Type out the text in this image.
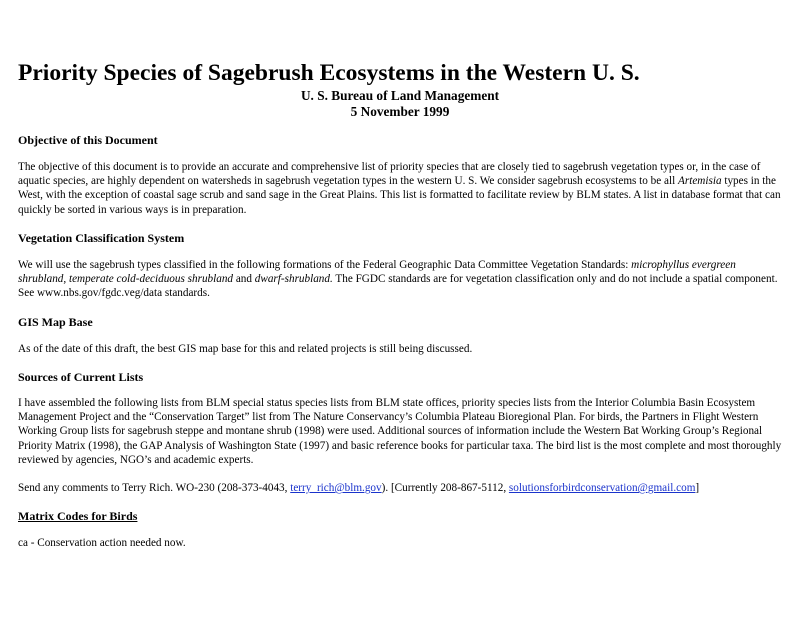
Priority Species of Sagebrush Ecosystems in the Western U. S.

U. S. Bureau of Land Management

5 November 1999

Objective of this Document

The objective of this document is to provide an accurate and comprehensive list of priority species that are closely tied to sagebrush vegetation types or, in the case of aquatic species, are highly dependent on watersheds in sagebrush vegetation types in the western U. S. We consider sagebrush ecosystems to be all Artemisia types in the West, with the exception of coastal sage scrub and sand sage in the Great Plains. This list is formatted to facilitate review by BLM states. A list in database format that can quickly be sorted in various ways is in preparation.

Vegetation Classification System

We will use the sagebrush types classified in the following formations of the Federal Geographic Data Committee Vegetation Standards: microphyllus evergreen shrubland, temperate cold-deciduous shrubland and dwarf-shrubland. The FGDC standards are for vegetation classification only and do not include a spatial component. See www.nbs.gov/fgdc.veg/data standards.

GIS Map Base

As of the date of this draft, the best GIS map base for this and related projects is still being discussed.

Sources of Current Lists

I have assembled the following lists from BLM special status species lists from BLM state offices, priority species lists from the Interior Columbia Basin Ecosystem Management Project and the “Conservation Target” list from The Nature Conservancy’s Columbia Plateau Bioregional Plan. For birds, the Partners in Flight Western Working Group lists for sagebrush steppe and montane shrub (1998) were used. Additional sources of information include the Western Bat Working Group’s Regional Priority Matrix (1998), the GAP Analysis of Washington State (1997) and basic reference books for particular taxa. The bird list is the most complete and most thoroughly reviewed by agencies, NGO’s and academic experts.

Send any comments to Terry Rich. WO-230 (208-373-4043, terry_rich@blm.gov). [Currently 208-867-5112, solutionsforbirdconservation@gmail.com]

Matrix Codes for Birds

ca - Conservation action needed now.
